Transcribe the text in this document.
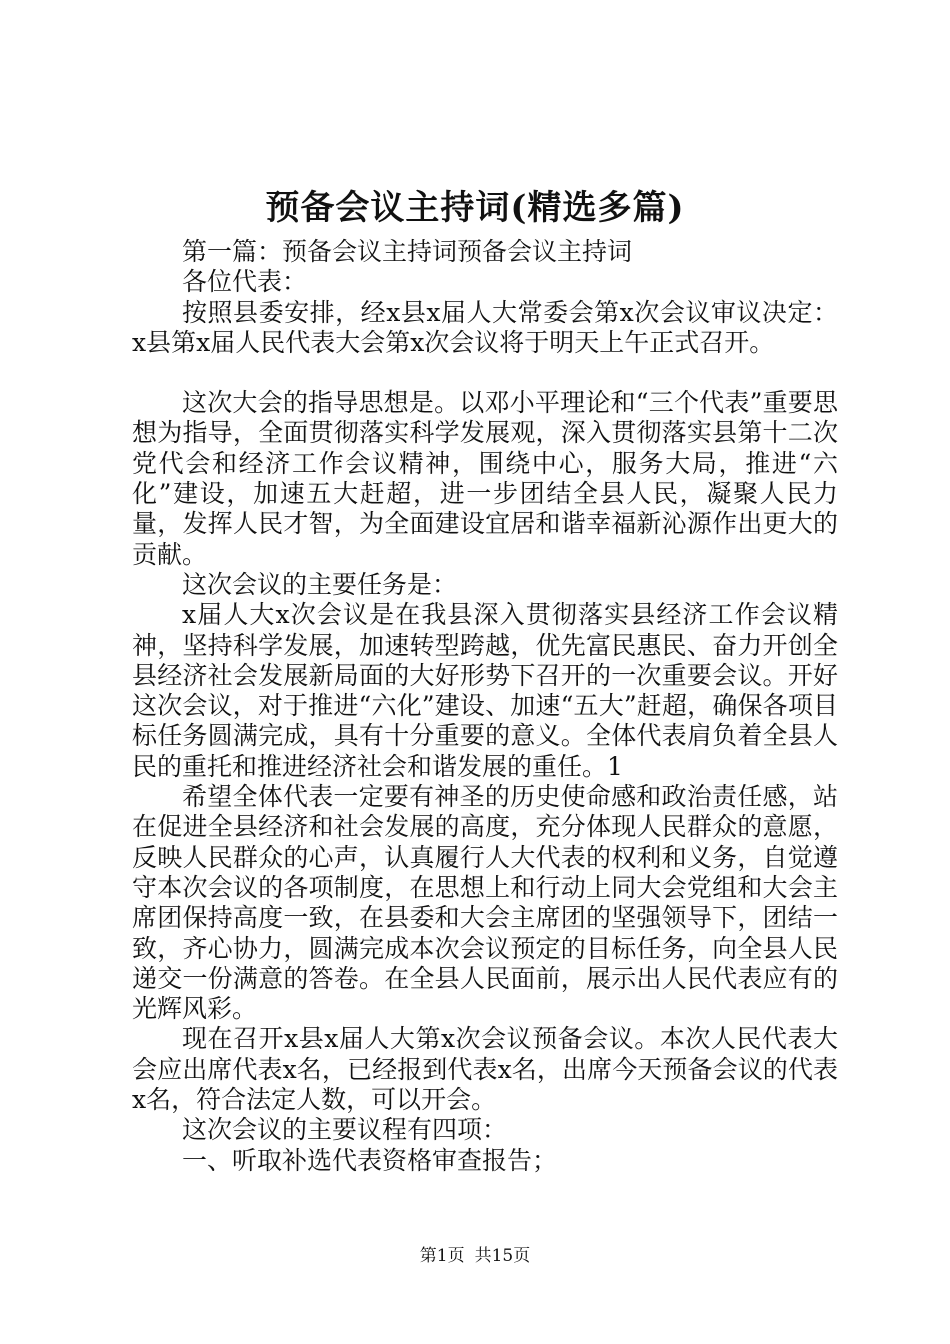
预备会议主持词(精选多篇)

第一篇：预备会议主持词预备会议主持词

各位代表：

按照县委安排，经x县x届人大常委会第x次会议审议决定：x县第x届人民代表大会第x次会议将于明天上午正式召开。

这次大会的指导思想是。以邓小平理论和“三个代表”重要思想为指导，全面贯彻落实科学发展观，深入贯彻落实县第十二次党代会和经济工作会议精神，围绕中心，服务大局，推进“六化”建设，加速五大赶超，进一步团结全县人民，凝聚人民力量，发挥人民才智，为全面建设宜居和谐幸福新沁源作出更大的贡献。

这次会议的主要任务是：

x届人大x次会议是在我县深入贯彻落实县经济工作会议精神，坚持科学发展，加速转型跨越，优先富民惠民、奋力开创全县经济社会发展新局面的大好形势下召开的一次重要会议。开好这次会议，对于推进“六化”建设、加速“五大”赶超，确保各项目标任务圆满完成，具有十分重要的意义。全体代表肩负着全县人民的重托和推进经济社会和谐发展的重任。1

希望全体代表一定要有神圣的历史使命感和政治责任感，站在促进全县经济和社会发展的高度，充分体现人民群众的意愿，反映人民群众的心声，认真履行人大代表的权利和义务，自觉遵守本次会议的各项制度，在思想上和行动上同大会党组和大会主席团保持高度一致，在县委和大会主席团的坚强领导下，团结一致，齐心协力，圆满完成本次会议预定的目标任务，向全县人民递交一份满意的答卷。在全县人民面前，展示出人民代表应有的光辉风彩。

现在召开x县x届人大第x次会议预备会议。本次人民代表大会应出席代表x名，已经报到代表x名，出席今天预备会议的代表x名，符合法定人数，可以开会。

这次会议的主要议程有四项：

一、听取补选代表资格审查报告；

第1页 共15页
